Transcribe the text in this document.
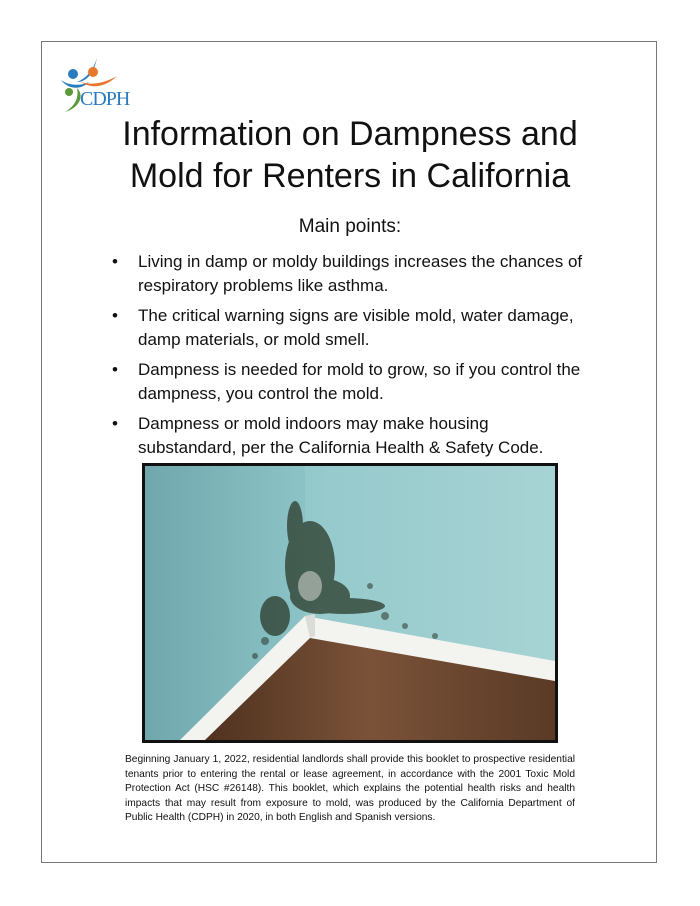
CDPH
Information on Dampness and
Mold for Renters in California
Main points:
• Living in damp or moldy buildings increases the chances of respiratory problems like asthma.
• The critical warning signs are visible mold, water damage, damp materials, or mold smell.
• Dampness is needed for mold to grow, so if you control the dampness, you control the mold.
• Dampness or mold indoors may make housing substandard, per the California Health & Safety Code.
Beginning January 1, 2022, residential landlords shall provide this booklet to prospective residential tenants prior to entering the rental or lease agreement, in accordance with the 2001 Toxic Mold Protection Act (HSC #26148). This booklet, which explains the potential health risks and health impacts that may result from exposure to mold, was produced by the California Department of Public Health (CDPH) in 2020, in both English and Spanish versions.
